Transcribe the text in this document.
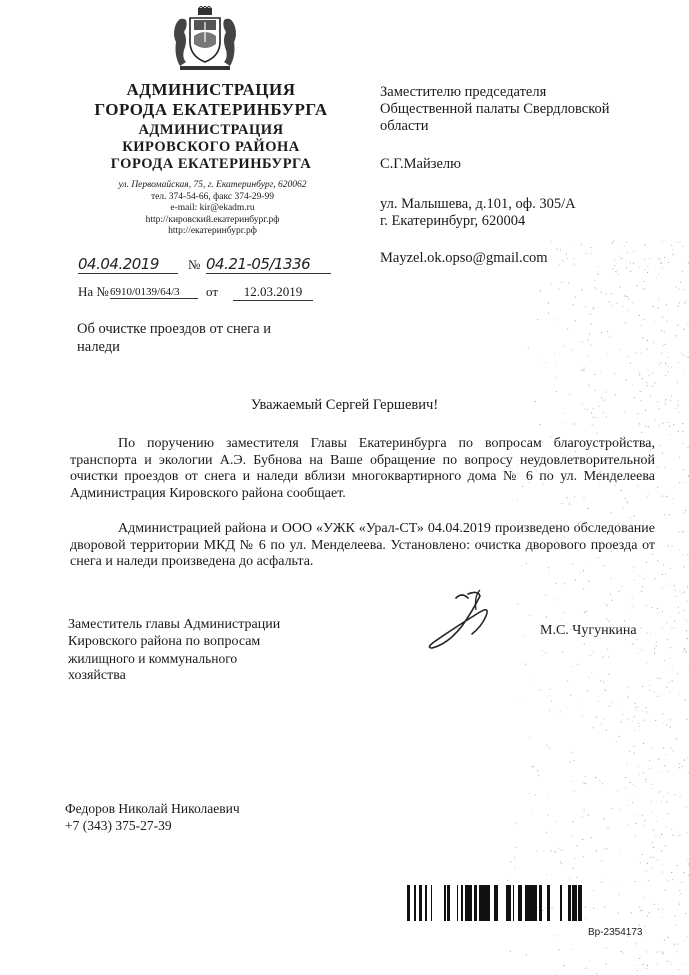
АДМИНИСТРАЦИЯ
ГОРОДА ЕКАТЕРИНБУРГА
АДМИНИСТРАЦИЯ
КИРОВСКОГО РАЙОНА
ГОРОДА ЕКАТЕРИНБУРГА
ул. Первомайская, 75, г. Екатеринбург, 620062
тел. 374-54-66, факс 374-29-99
e-mail: kir@ekadm.ru
http://кировский.екатеринбург.рф
http://екатеринбург.рф
04.04.2019	№ 04.21-05/1336
На № 6910/0139/64/3	от	12.03.2019
Заместителю председателя
Общественной палаты Свердловской
области
С.Г.Майзелю
ул. Малышева, д.101, оф. 305/А
г. Екатеринбург, 620004
Mayzel.ok.opso@gmail.com
Об очистке проездов от снега и
наледи
Уважаемый Сергей Гершевич!
По поручению заместителя Главы Екатеринбурга по вопросам благоустройства, транспорта и экологии А.Э. Бубнова на Ваше обращение по вопросу неудовлетворительной очистки проездов от снега и наледи вблизи многоквартирного дома № 6 по ул. Менделеева Администрация Кировского района сообщает.
Администрацией района и ООО «УЖК «Урал-СТ» 04.04.2019 произведено обследование дворовой территории МКД № 6 по ул. Менделеева. Установлено: очистка дворового проезда от снега и наледи произведена до асфальта.
Заместитель главы Администрации
Кировского района по вопросам
жилищного и коммунального
хозяйства
М.С. Чугункина
Федоров Николай Николаевич
+7 (343) 375-27-39
Вр-2354173
